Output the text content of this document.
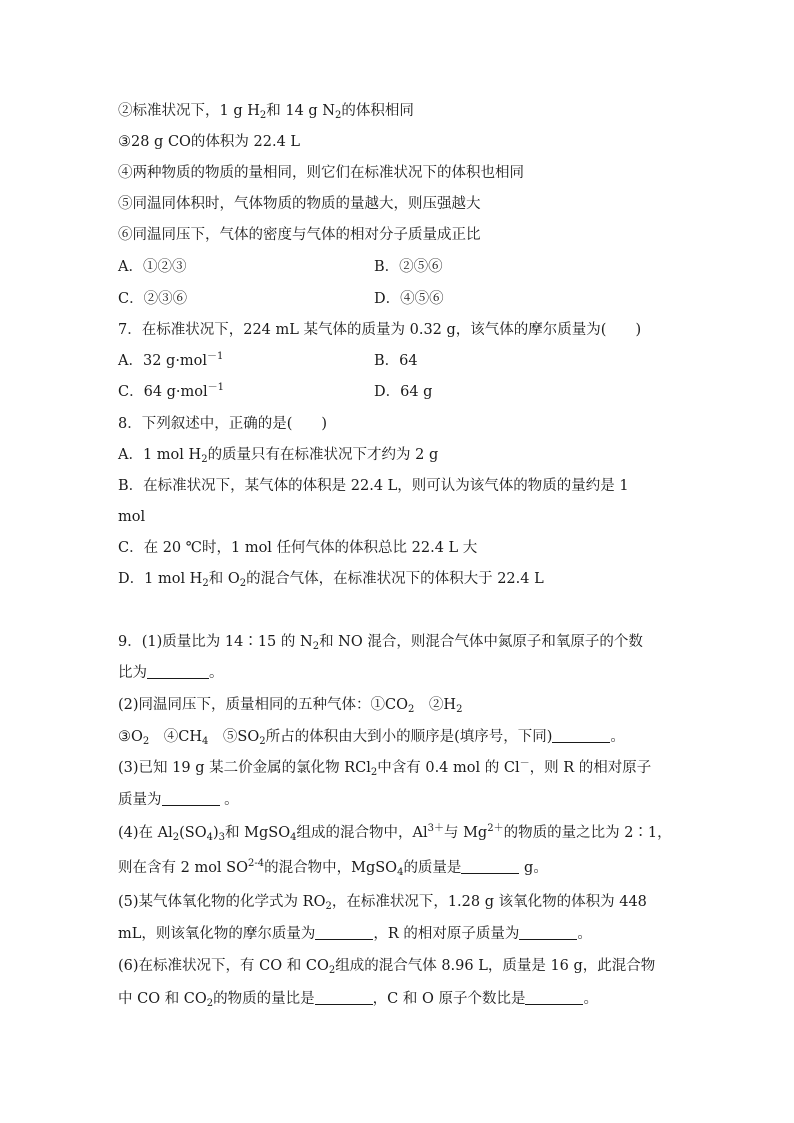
②标准状况下，1 g $H_2$和 14 g $N_2$的体积相同
③28 g CO的体积为 22.4 L
④两种物质的物质的量相同，则它们在标准状况下的体积也相同
⑤同温同体积时，气体物质的物质的量越大，则压强越大
⑥同温同压下，气体的密度与气体的相对分子质量成正比
A．①②③	B．②⑤⑥
C．②③⑥	D．④⑤⑥
7．在标准状况下，224 mL 某气体的质量为 0.32 g，该气体的摩尔质量为(　　)
A．32 g·mol$^{-1}$	B．64
C．64 g·mol$^{-1}$	D．64 g
8．下列叙述中，正确的是(　　)
A．1 mol $H_2$的质量只有在标准状况下才约为 2 g
B．在标准状况下，某气体的体积是 22.4 L，则可认为该气体的物质的量约是 1
mol
C．在 20 ℃时，1 mol 任何气体的体积总比 22.4 L 大
D．1 mol $H_2$和 $O_2$的混合气体，在标准状况下的体积大于 22.4 L
9．(1)质量比为 14∶15 的 $N_2$和 NO 混合，则混合气体中氮原子和氧原子的个数
比为	。
(2)同温同压下，质量相同的五种气体：$①CO_2$　$②H_2$
$③O_2$　$④CH_4$　$⑤SO_2$所占的体积由大到小的顺序是(填序号，下同)	。
(3)已知 19 g 某二价金属的氯化物 RCl$_2$中含有 0.4 mol 的 Cl－，则 R 的相对原子
质量为	。
(4)在 $Al_2(SO_4)_3$和 MgSO$_4$组成的混合物中，$Al^{3+}$与 $Mg^{2+}$的物质的量之比为 2∶1，
则在含有 2 mol SO$^{2-4}$的混合物中，MgSO$_4$的质量是	g。
(5)某气体氧化物的化学式为 $RO_2$，在标准状况下，1.28 g 该氧化物的体积为 448
mL，则该氧化物的摩尔质量为	，R 的相对原子质量为	。
(6)在标准状况下，有 CO 和 $CO_2$组成的混合气体 8.96 L，质量是 16 g，此混合物
中 CO 和 $CO_2$的物质的量比是	，C 和 O 原子个数比是	。
